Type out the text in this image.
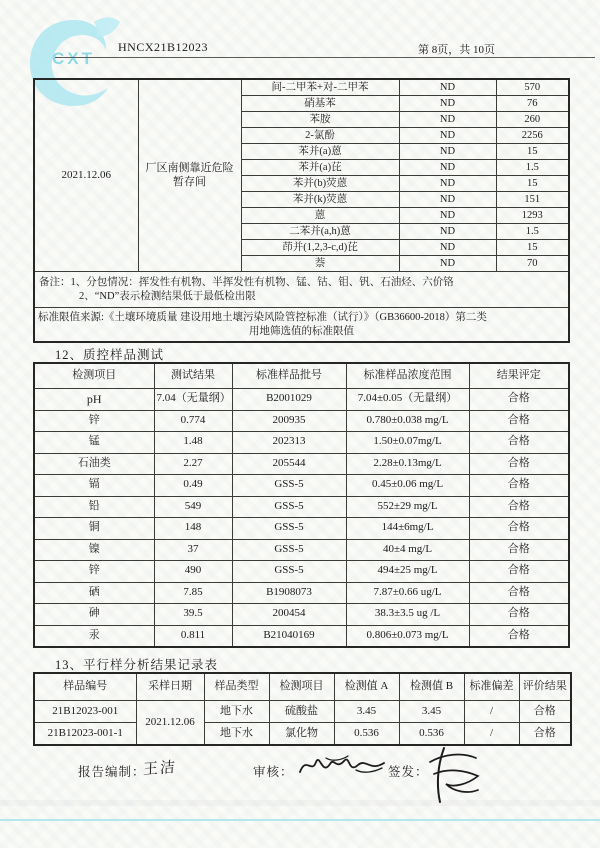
CXT
HNCX21B12023	第 8页，共 10页
2021.12.06	厂区南侧靠近危险暂存间	间-二甲苯+对-二甲苯	ND	570
		硝基苯	ND	76
		苯胺	ND	260
		2-氯酚	ND	2256
		苯并(a)蒽	ND	15
		苯并(a)芘	ND	1.5
		苯并(b)荧蒽	ND	15
		苯并(k)荧蒽	ND	151
		蒽	ND	1293
		二苯并(a,h)蒽	ND	1.5
		茚并(1,2,3-c,d)芘	ND	15
		萘	ND	70

备注：1、分包情况：挥发性有机物、半挥发性有机物、锰、钴、钼、钒、石油烃、六价铬
2、“ND”表示检测结果低于最低检出限				

标准限值来源:《土壤环境质量 建设用地土壤污染风险管控标准（试行）》（GB36600-2018）第二类
用地筛选值的标准限值				
12、质控样品测试
检测项目	测试结果	标准样品批号	标准样品浓度范围	结果评定
pH	7.04（无量纲）	B2001029	7.04±0.05（无量纲）	合格
锌	0.774	200935	0.780±0.038 mg/L	合格
锰	1.48	202313	1.50±0.07mg/L	合格
石油类	2.27	205544	2.28±0.13mg/L	合格
镉	0.49	GSS-5	0.45±0.06 mg/L	合格
铅	549	GSS-5	552±29 mg/L	合格
铜	148	GSS-5	144±6mg/L	合格
镍	37	GSS-5	40±4 mg/L	合格
锌	490	GSS-5	494±25 mg/L	合格
硒	7.85	B1908073	7.87±0.66 ug/L	合格
砷	39.5	200454	38.3±3.5 ug /L	合格
汞	0.811	B21040169	0.806±0.073 mg/L	合格
13、平行样分析结果记录表
样品编号	采样日期	样品类型	检测项目	检测值 A	检测值 B	标准偏差	评价结果
21B12023-001	2021.12.06	地下水	硫酸盐	3.45	3.45	/	合格
21B12023-001-1		地下水	氯化物	0.536	0.536	/	合格
报告编制：
王洁	审核：	签发：
